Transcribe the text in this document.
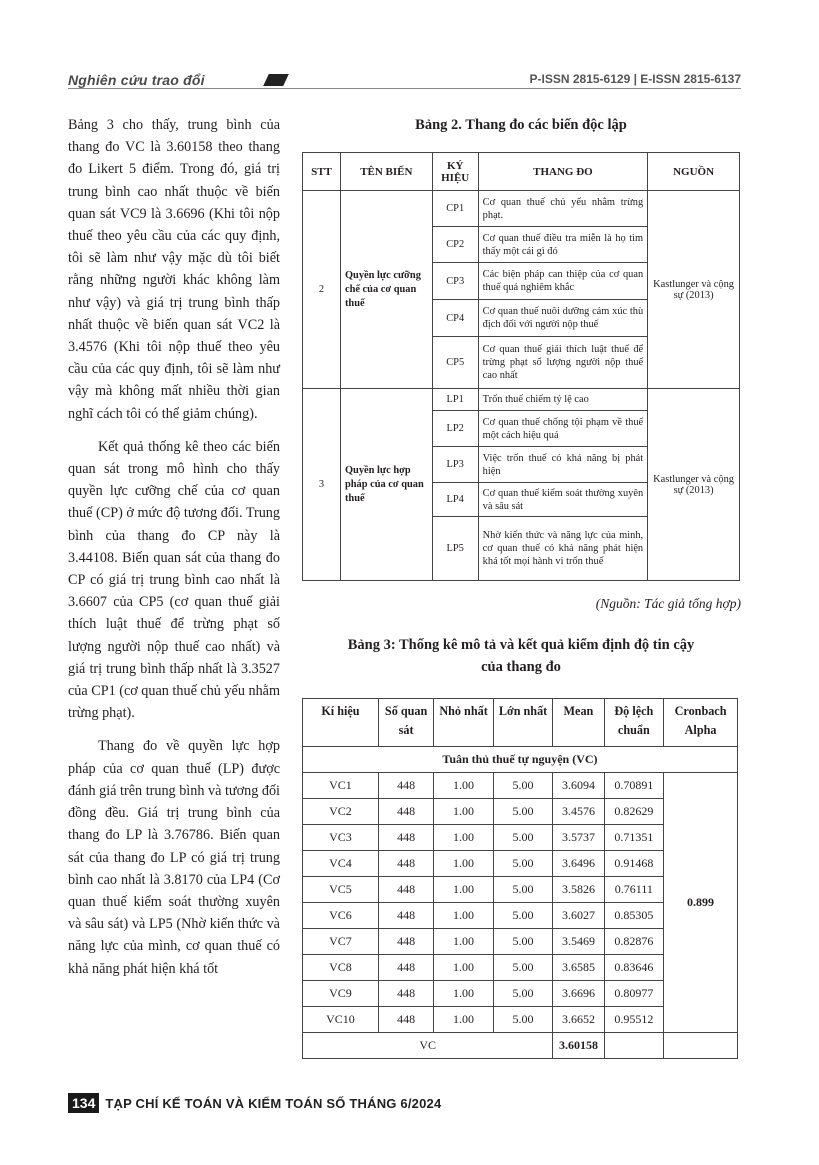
Nghiên cứu trao đổi	P-ISSN 2815-6129 | E-ISSN 2815-6137

Bảng 3 cho thấy, trung bình của thang đo VC là 3.60158 theo thang đo Likert 5 điểm. Trong đó, giá trị trung bình cao nhất thuộc về biến quan sát VC9 là 3.6696 (Khi tôi nộp thuế theo yêu cầu của các quy định, tôi sẽ làm như vậy mặc dù tôi biết rằng những người khác không làm như vậy) và giá trị trung bình thấp nhất thuộc về biến quan sát VC2 là 3.4576 (Khi tôi nộp thuế theo yêu cầu của các quy định, tôi sẽ làm như vậy mà không mất nhiều thời gian nghĩ cách tôi có thể giảm chúng).

Kết quả thống kê theo các biến quan sát trong mô hình cho thấy quyền lực cưỡng chế của cơ quan thuế (CP) ở mức độ tương đối. Trung bình của thang đo CP này là 3.44108. Biến quan sát của thang đo CP có giá trị trung bình cao nhất là 3.6607 của CP5 (cơ quan thuế giải thích luật thuế để trừng phạt số lượng người nộp thuế cao nhất) và giá trị trung bình thấp nhất là 3.3527 của CP1 (cơ quan thuế chủ yếu nhằm trừng phạt).

Thang đo về quyền lực hợp pháp của cơ quan thuế (LP) được đánh giá trên trung bình và tương đối đồng đều. Giá trị trung bình của thang đo LP là 3.76786. Biến quan sát của thang đo LP có giá trị trung bình cao nhất là 3.8170 của LP4 (Cơ quan thuế kiểm soát thường xuyên và sâu sát) và LP5 (Nhờ kiến thức và năng lực của mình, cơ quan thuế có khả năng phát hiện khá tốt

Bảng 2. Thang đo các biến độc lập
STT	TÊN BIẾN	KÝ HIỆU	THANG ĐO	NGUỒN
2	Quyền lực cưỡng chế của cơ quan thuế	CP1	Cơ quan thuế chủ yếu nhằm trừng phạt.	Kastlunger và cộng sự (2013)
		CP2	Cơ quan thuế điều tra miễn là họ tìm thấy một cái gì đó	
		CP3	Các biện pháp can thiệp của cơ quan thuế quá nghiêm khắc	
		CP4	Cơ quan thuế nuôi dưỡng cảm xúc thù địch đối với người nộp thuế	
		CP5	Cơ quan thuế giải thích luật thuế để trừng phạt số lượng người nộp thuế cao nhất	
3	Quyền lực hợp pháp của cơ quan thuế	LP1	Trốn thuế chiếm tỷ lệ cao	Kastlunger và cộng sự (2013)
		LP2	Cơ quan thuế chống tội phạm về thuế một cách hiệu quả	
		LP3	Việc trốn thuế có khả năng bị phát hiện	
		LP4	Cơ quan thuế kiểm soát thường xuyên và sâu sát	
		LP5	Nhờ kiến thức và năng lực của mình, cơ quan thuế có khả năng phát hiện khá tốt mọi hành vi trốn thuế	
(Nguồn: Tác giả tổng hợp)
Bảng 3: Thống kê mô tả và kết quả kiểm định độ tin cậy
của thang đo
Kí hiệu	Số quan sát	Nhỏ nhất	Lớn nhất	Mean	Độ lệch chuẩn	Cronbach Alpha
Tuân thủ thuế tự nguyện (VC)						
VC1	448	1.00	5.00	3.6094	0.70891	0.899
VC2	448	1.00	5.00	3.4576	0.82629	
VC3	448	1.00	5.00	3.5737	0.71351	
VC4	448	1.00	5.00	3.6496	0.91468	
VC5	448	1.00	5.00	3.5826	0.76111	
VC6	448	1.00	5.00	3.6027	0.85305	
VC7	448	1.00	5.00	3.5469	0.82876	
VC8	448	1.00	5.00	3.6585	0.83646	
VC9	448	1.00	5.00	3.6696	0.80977	
VC10	448	1.00	5.00	3.6652	0.95512	
VC				3.60158		
134 TẠP CHÍ KẾ TOÁN VÀ KIỂM TOÁN SỐ THÁNG 6/2024
